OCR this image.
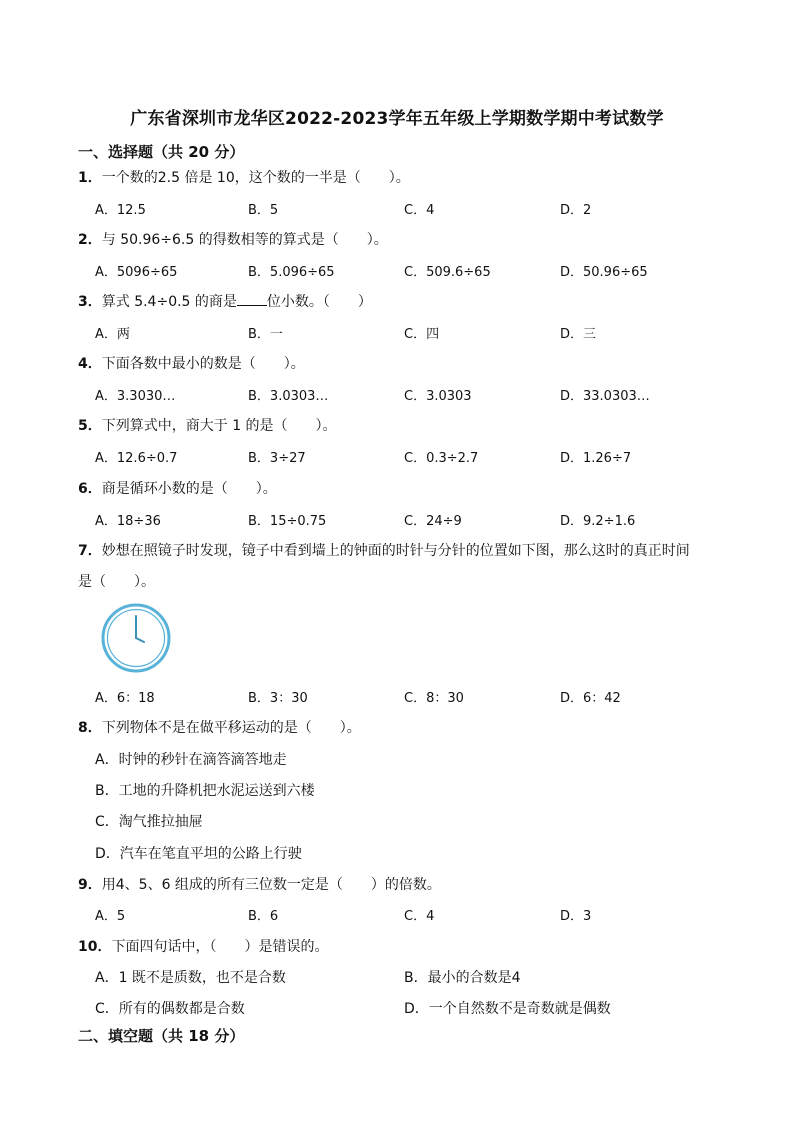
广东省深圳市龙华区2022-2023学年五年级上学期数学期中考试数学
一、选择题（共 20 分）
1．一个数的2.5 倍是 10，这个数的一半是（　　）。
A．12.5	B．5	C．4	D．2
2．与 50.96÷6.5 的得数相等的算式是（　　）。
A．5096÷65	B．5.096÷65	C．509.6÷65	D．50.96÷65
3．算式 5.4÷0.5 的商是 位小数。（　　）
A．两	B．一	C．四	D．三
4．下面各数中最小的数是（　　）。
A．3.3030…	B．3.0303…	C．3.0303	D．33.0303…
5．下列算式中，商大于 1 的是（　　）。
A．12.6÷0.7	B．3÷27	C．0.3÷2.7	D．1.26÷7
6．商是循环小数的是（　　）。
A．18÷36	B．15÷0.75	C．24÷9	D．9.2÷1.6
7．妙想在照镜子时发现，镜子中看到墙上的钟面的时针与分针的位置如下图，那么这时的真正时间
是（　　）。
A．6：18	B．3：30	C．8：30	D．6：42
8．下列物体不是在做平移运动的是（　　）。
A．时钟的秒针在滴答滴答地走
B．工地的升降机把水泥运送到六楼
C．淘气推拉抽屉
D．汽车在笔直平坦的公路上行驶
9．用4、5、6 组成的所有三位数一定是（　　）的倍数。
A．5	B．6	C．4	D．3
10．下面四句话中，（　　）是错误的。
A．1 既不是质数，也不是合数	B．最小的合数是4
C．所有的偶数都是合数	D．一个自然数不是奇数就是偶数
二、填空题（共 18 分）
